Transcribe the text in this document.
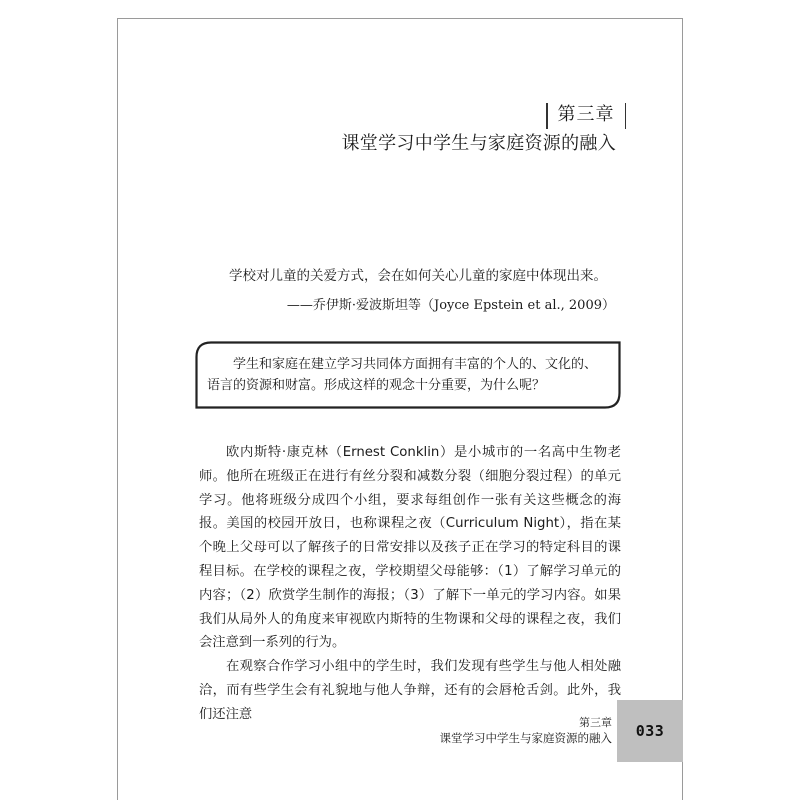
第三章
课堂学习中学生与家庭资源的融入
学校对儿童的关爱方式，会在如何关心儿童的家庭中体现出来。
——乔伊斯·爱波斯坦等（Joyce Epstein et al., 2009）
学生和家庭在建立学习共同体方面拥有丰富的个人的、文化的、语言的资源和财富。形成这样的观念十分重要，为什么呢？

欧内斯特·康克林（Ernest Conklin）是小城市的一名高中生物老师。他所在班级正在进行有丝分裂和减数分裂（细胞分裂过程）的单元学习。他将班级分成四个小组，要求每组创作一张有关这些概念的海报。美国的校园开放日，也称课程之夜（Curriculum Night），指在某个晚上父母可以了解孩子的日常安排以及孩子正在学习的特定科目的课程目标。在学校的课程之夜，学校期望父母能够：（1）了解学习单元的内容；（2）欣赏学生制作的海报；（3）了解下一单元的学习内容。如果我们从局外人的角度来审视欧内斯特的生物课和父母的课程之夜，我们会注意到一系列的行为。

在观察合作学习小组中的学生时，我们发现有些学生与他人相处融洽，而有些学生会有礼貌地与他人争辩，还有的会唇枪舌剑。此外，我们还注意

第三章
课堂学习中学生与家庭资源的融入 033
